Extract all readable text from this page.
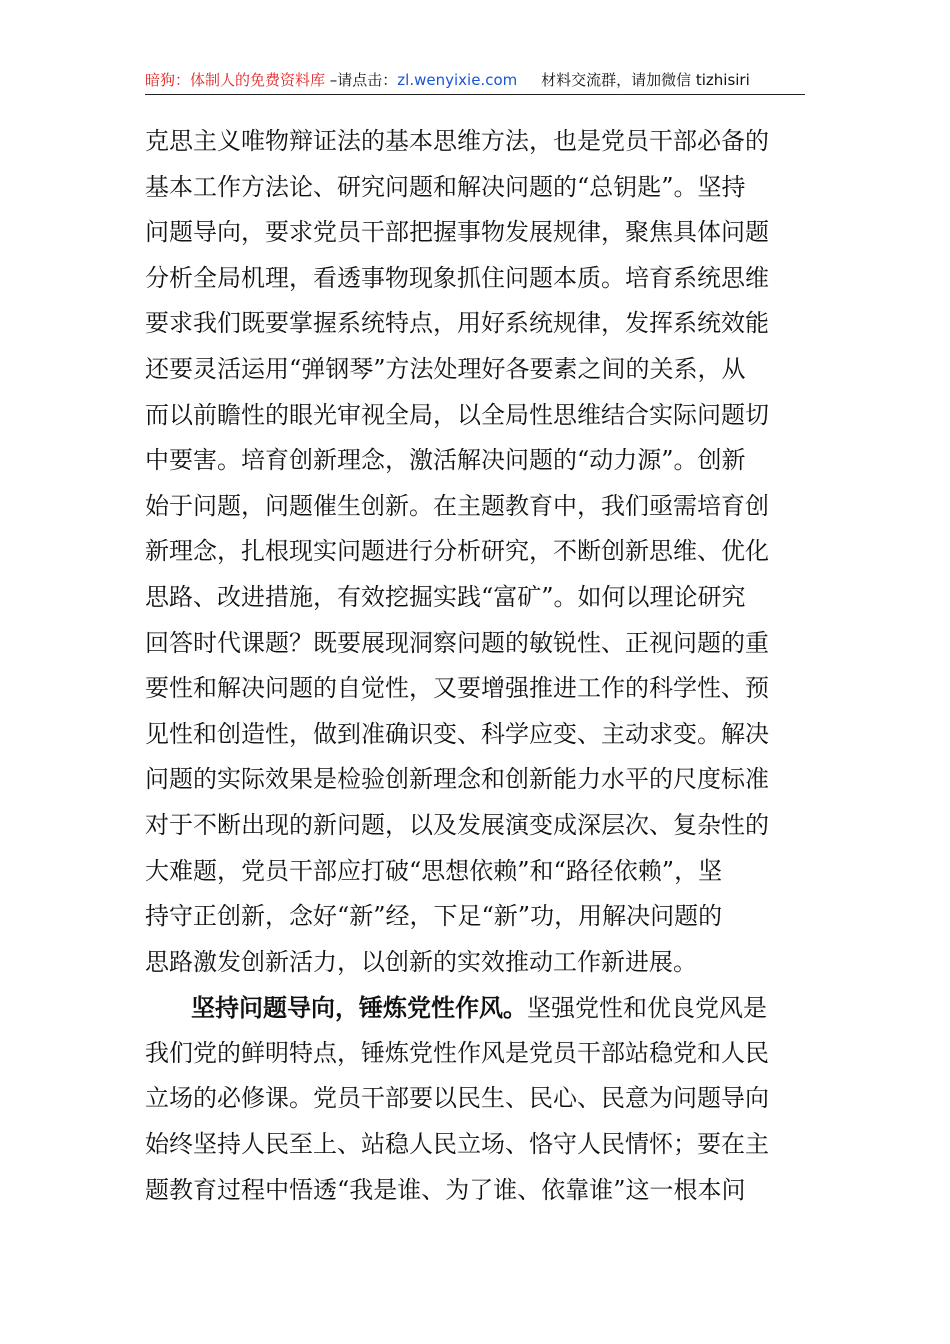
暗狗：体制人的免费资料库 –请点击：zl.wenyixie.com     材料交流群，请加微信 tizhisiri
克思主义唯物辩证法的基本思维方法，也是党员干部必备的
基本工作方法论、研究问题和解决问题的“总钥匙”。坚持
问题导向，要求党员干部把握事物发展规律，聚焦具体问题
分析全局机理，看透事物现象抓住问题本质。培育系统思维
要求我们既要掌握系统特点，用好系统规律，发挥系统效能
还要灵活运用“弹钢琴”方法处理好各要素之间的关系，从
而以前瞻性的眼光审视全局，以全局性思维结合实际问题切
中要害。培育创新理念，激活解决问题的“动力源”。创新
始于问题，问题催生创新。在主题教育中，我们亟需培育创
新理念，扎根现实问题进行分析研究，不断创新思维、优化
思路、改进措施，有效挖掘实践“富矿”。如何以理论研究
回答时代课题？既要展现洞察问题的敏锐性、正视问题的重
要性和解决问题的自觉性，又要增强推进工作的科学性、预
见性和创造性，做到准确识变、科学应变、主动求变。解决
问题的实际效果是检验创新理念和创新能力水平的尺度标准
对于不断出现的新问题，以及发展演变成深层次、复杂性的
大难题，党员干部应打破“思想依赖”和“路径依赖”，坚
持守正创新，念好“新”经，下足“新”功，用解决问题的
思路激发创新活力，以创新的实效推动工作新进展。
坚持问题导向，锤炼党性作风。坚强党性和优良党风是
我们党的鲜明特点，锤炼党性作风是党员干部站稳党和人民
立场的必修课。党员干部要以民生、民心、民意为问题导向
始终坚持人民至上、站稳人民立场、恪守人民情怀；要在主
题教育过程中悟透“我是谁、为了谁、依靠谁”这一根本问
